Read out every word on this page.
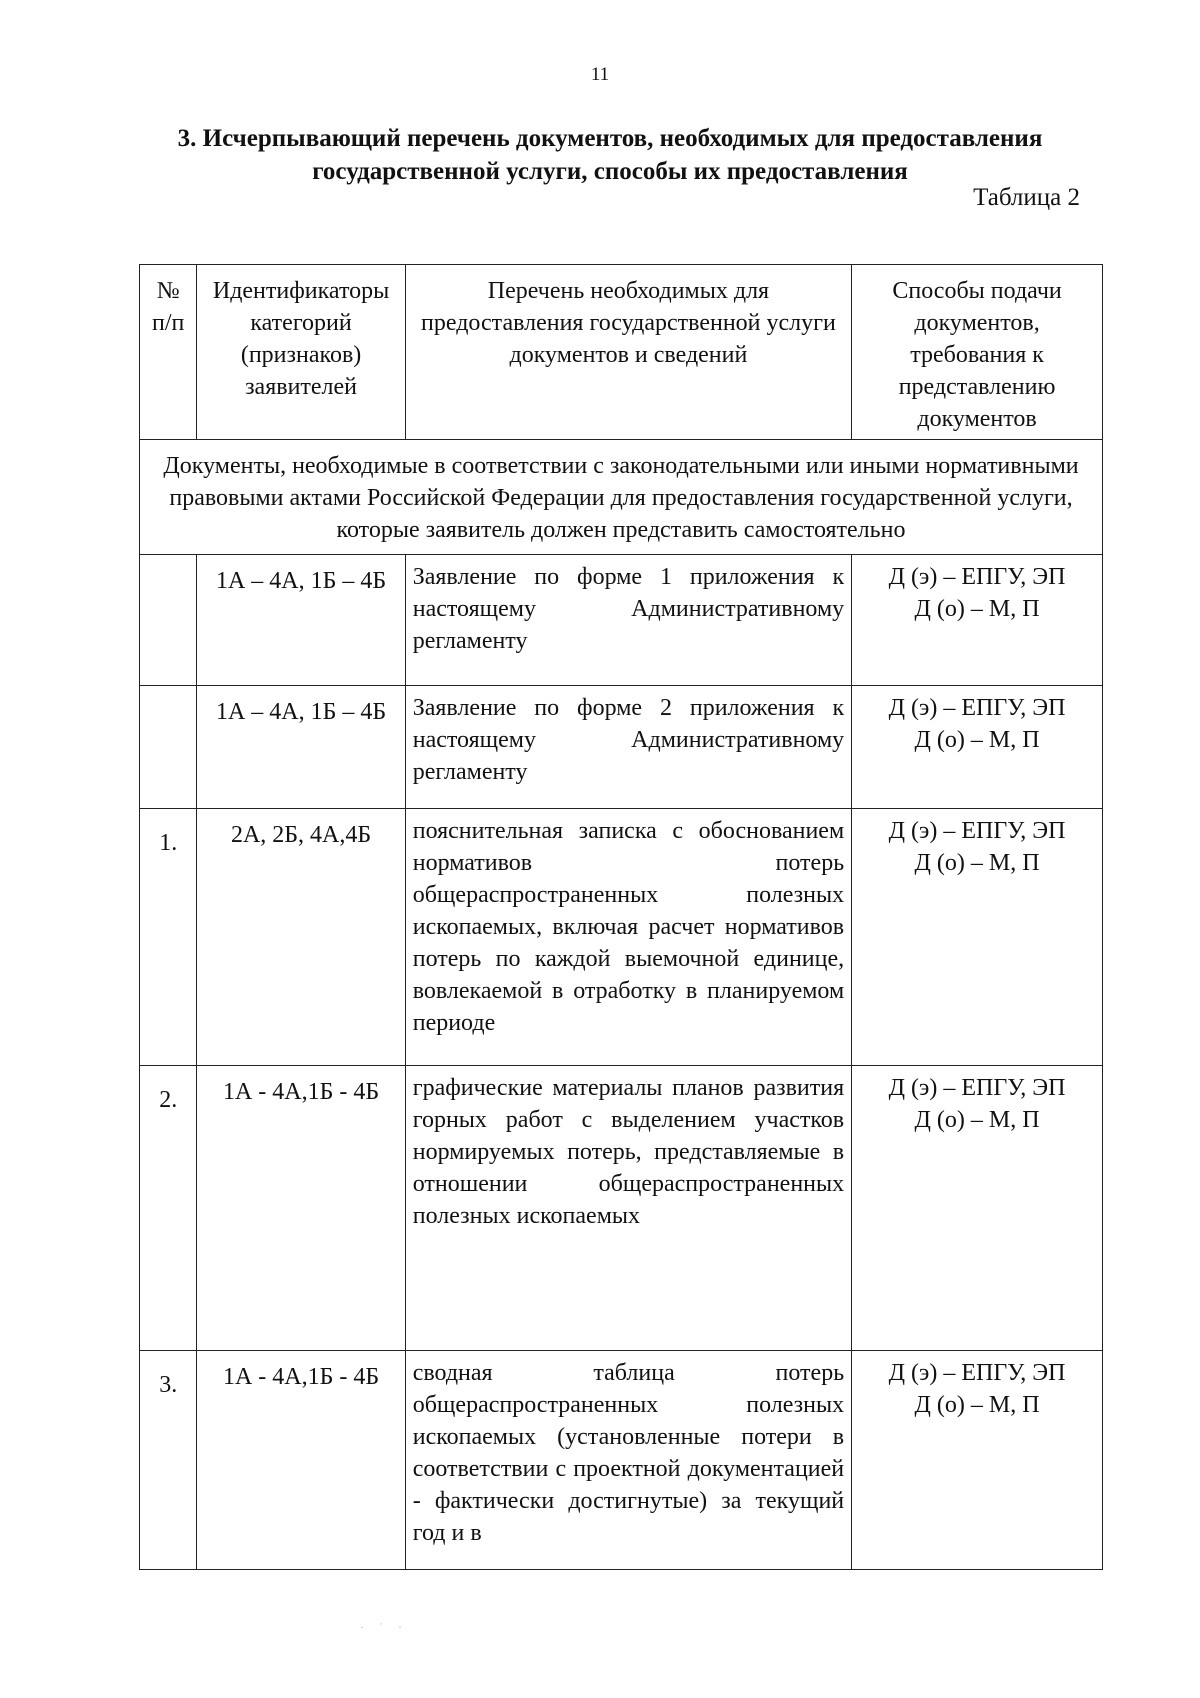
11
3. Исчерпывающий перечень документов, необходимых для предоставления государственной услуги, способы их предоставления
Таблица 2
№ п/п	Идентификаторы категорий (признаков) заявителей	Перечень необходимых для предоставления государственной услуги документов и сведений	Способы подачи документов, требования к представлению документов
Документы, необходимые в соответствии с законодательными или иными нормативными правовыми актами Российской Федерации для предоставления государственной услуги, которые заявитель должен представить самостоятельно			
	1А – 4А, 1Б – 4Б	Заявление по форме 1 приложения к настоящему Административному регламенту	Д (э) – ЕПГУ, ЭП
Д (о) – М, П

	1А – 4А, 1Б – 4Б	Заявление по форме 2 приложения к настоящему Административному регламенту	Д (э) – ЕПГУ, ЭП
Д (о) – М, П

1.	2А, 2Б, 4А,4Б	пояснительная записка с обоснованием нормативов потерь общераспространенных полезных ископаемых, включая расчет нормативов потерь по каждой выемочной единице, вовлекаемой в отработку в планируемом периоде	Д (э) – ЕПГУ, ЭП
Д (о) – М, П

2.	1А - 4А,1Б - 4Б	графические материалы планов развития горных работ с выделением участков нормируемых потерь, представляемые в отношении общераспространенных полезных ископаемых	Д (э) – ЕПГУ, ЭП
Д (о) – М, П

3.	1А - 4А,1Б - 4Б	сводная таблица потерь общераспространенных полезных ископаемых (установленные потери в соответствии с проектной документацией - фактически достигнутые) за текущий год и в	Д (э) – ЕПГУ, ЭП
Д (о) – М, П
· ˙ ·
